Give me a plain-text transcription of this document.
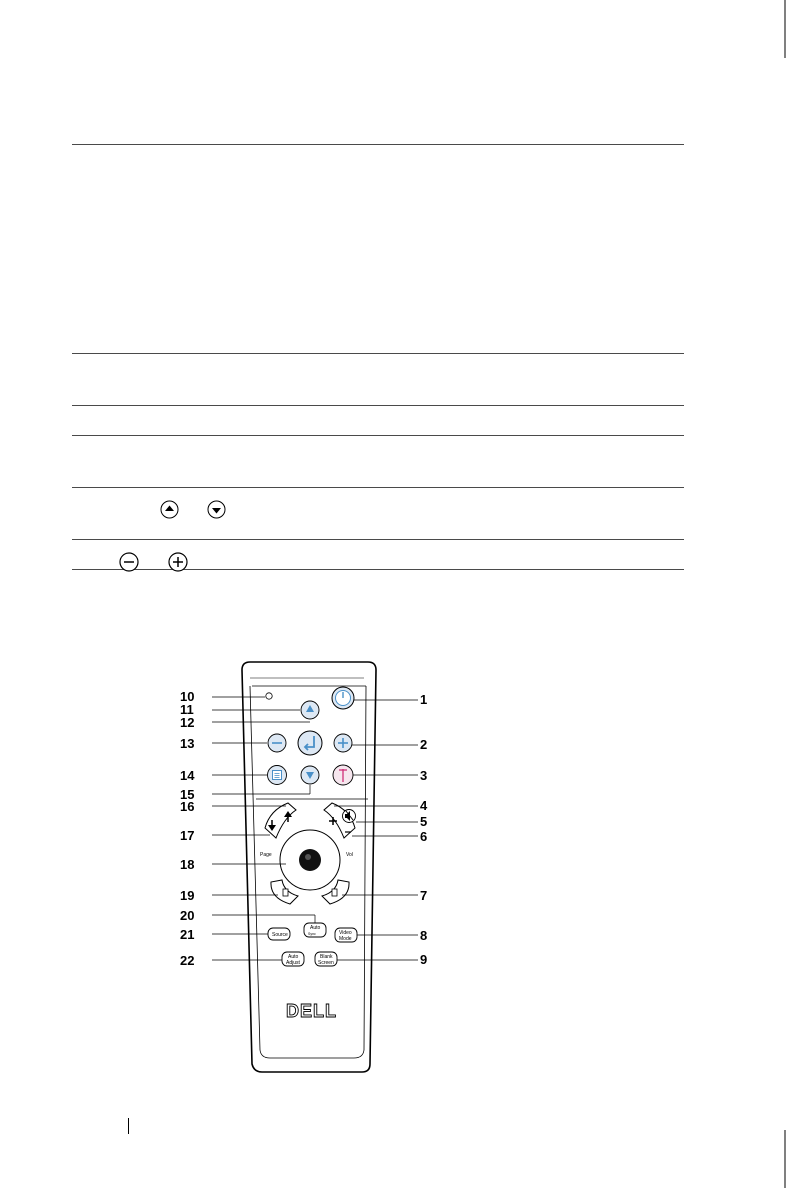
Page	Vol
Source
Auto
Sync	Video
Mode
Auto
Adjust
Blank
Screen
DELL
1
2
3
4
5
6
7
8
9
10
11
12
13
14
15
16
17
18
19
20
21
22
